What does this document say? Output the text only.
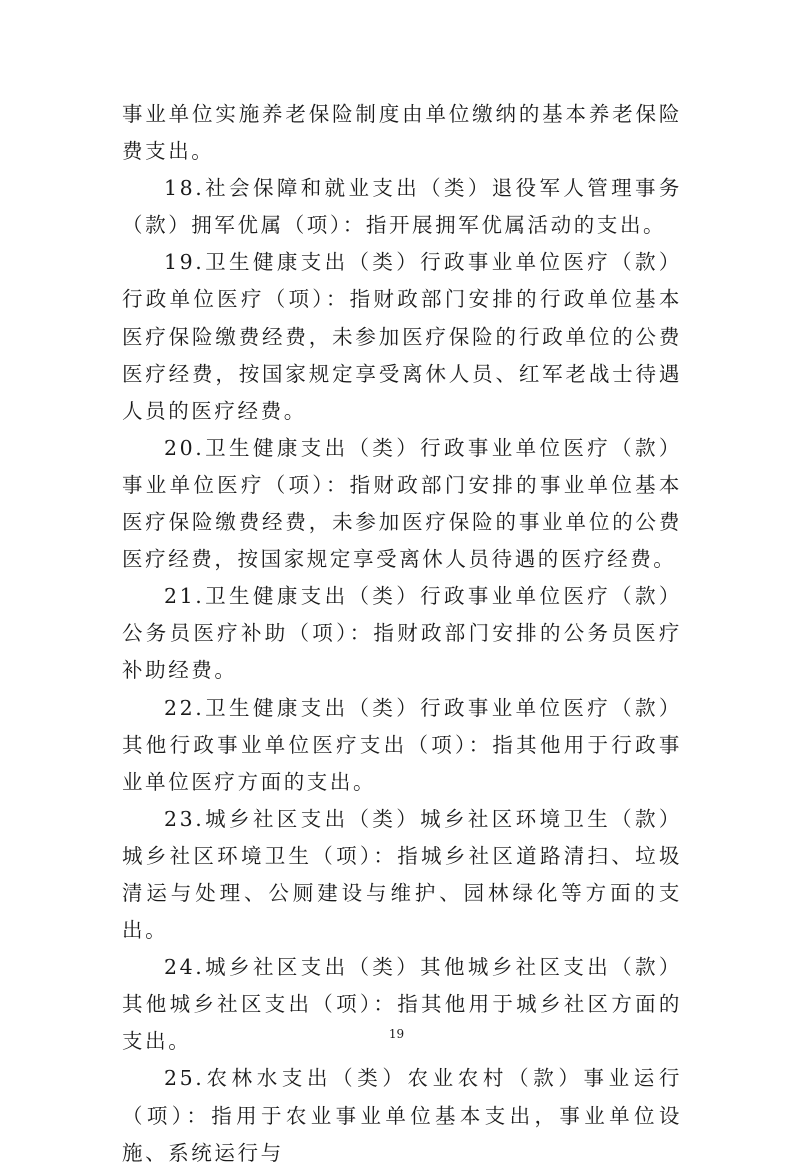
事业单位实施养老保险制度由单位缴纳的基本养老保险费支出。

18.社会保障和就业支出（类）退役军人管理事务（款）拥军优属（项）：指开展拥军优属活动的支出。

19.卫生健康支出（类）行政事业单位医疗（款）行政单位医疗（项）：指财政部门安排的行政单位基本医疗保险缴费经费，未参加医疗保险的行政单位的公费医疗经费，按国家规定享受离休人员、红军老战士待遇人员的医疗经费。

20.卫生健康支出（类）行政事业单位医疗（款）事业单位医疗（项）：指财政部门安排的事业单位基本医疗保险缴费经费，未参加医疗保险的事业单位的公费医疗经费，按国家规定享受离休人员待遇的医疗经费。

21.卫生健康支出（类）行政事业单位医疗（款）公务员医疗补助（项）：指财政部门安排的公务员医疗补助经费。

22.卫生健康支出（类）行政事业单位医疗（款）其他行政事业单位医疗支出（项）：指其他用于行政事业单位医疗方面的支出。

23.城乡社区支出（类）城乡社区环境卫生（款）城乡社区环境卫生（项）：指城乡社区道路清扫、垃圾清运与处理、公厕建设与维护、园林绿化等方面的支出。

24.城乡社区支出（类）其他城乡社区支出（款）其他城乡社区支出（项）：指其他用于城乡社区方面的支出。

25.农林水支出（类）农业农村（款）事业运行（项）：指用于农业事业单位基本支出，事业单位设施、系统运行与

19
